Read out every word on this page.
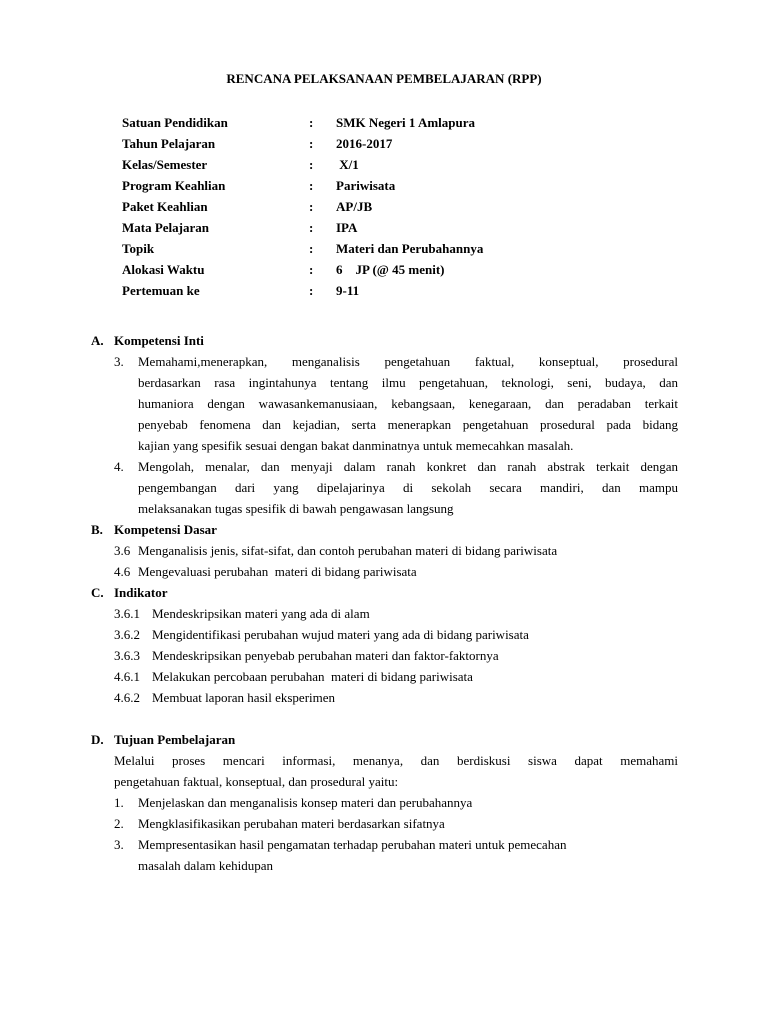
RENCANA PELAKSANAAN PEMBELAJARAN (RPP)
Satuan Pendidikan	: SMK Negeri 1 Amlapura
Tahun Pelajaran	: 2016-2017
Kelas/Semester	: X/1
Program Keahlian	: Pariwisata
Paket Keahlian	: AP/JB
Mata Pelajaran	: IPA
Topik	: Materi dan Perubahannya
Alokasi Waktu	: 6    JP (@ 45 menit)
Pertemuan ke	: 9-11
A. Kompetensi Inti
3. Memahami,menerapkan, menganalisis pengetahuan faktual, konseptual, prosedural
berdasarkan rasa ingintahunya tentang ilmu pengetahuan, teknologi, seni, budaya, dan
humaniora dengan wawasankemanusiaan, kebangsaan, kenegaraan, dan peradaban terkait
penyebab fenomena dan kejadian, serta menerapkan pengetahuan prosedural pada bidang
kajian yang spesifik sesuai dengan bakat danminatnya untuk memecahkan masalah.
4. Mengolah, menalar, dan menyaji dalam ranah konkret dan ranah abstrak terkait dengan
pengembangan dari yang dipelajarinya di sekolah secara mandiri, dan mampu
melaksanakan tugas spesifik di bawah pengawasan langsung
B. Kompetensi Dasar
3.6 Menganalisis jenis, sifat-sifat, dan contoh perubahan materi di bidang pariwisata
4.6 Mengevaluasi perubahan  materi di bidang pariwisata
C. Indikator
3.6.1 Mendeskripsikan materi yang ada di alam
3.6.2 Mengidentifikasi perubahan wujud materi yang ada di bidang pariwisata
3.6.3 Mendeskripsikan penyebab perubahan materi dan faktor-faktornya
4.6.1 Melakukan percobaan perubahan  materi di bidang pariwisata
4.6.2 Membuat laporan hasil eksperimen
D. Tujuan Pembelajaran
Melalui proses mencari informasi, menanya, dan berdiskusi siswa dapat memahami
pengetahuan faktual, konseptual, dan prosedural yaitu:
1. Menjelaskan dan menganalisis konsep materi dan perubahannya
2. Mengklasifikasikan perubahan materi berdasarkan sifatnya
3. Mempresentasikan hasil pengamatan terhadap perubahan materi untuk pemecahan
masalah dalam kehidupan
